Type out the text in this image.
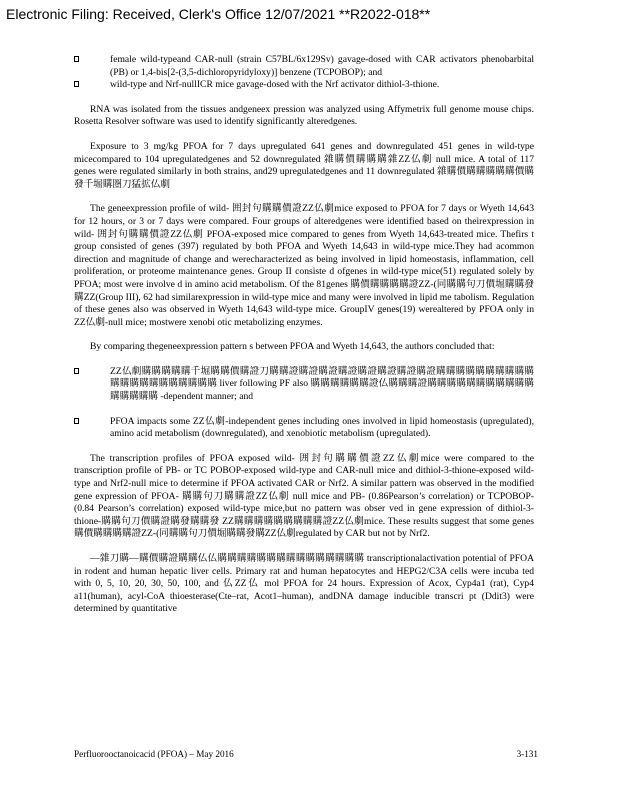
Electronic Filing: Received, Clerk's Office 12/07/2021 **R2022-018**
female wild-typeand CAR-null (strain C57BL/6x129Sv) gavage-dosed with CAR activators phenobarbital (PB) or 1,4-bis[2-(3,5-dichloropyridyloxy)] benzene (TCPOBOP); and
wild-type and Nrf-nullICR mice gavage-dosed with the Nrf activator dithiol-3-thione.

RNA was isolated from the tissues andgeneex pression was analyzed using Affymetrix full genome mouse chips. Rosetta Resolver software was used to identify significantly alteredgenes.

Exposure to 3 mg/kg PFOA for 7 days upregulated 641 genes and downregulated 451 genes in wild-type micecompared to 104 upregulatedgenes and 52 downregulated 雜購價購購購雜ZZ仏劇 null mice. A total of 117 genes were regulated similarly in both strains, and29 upregulatedgenes and 11 downregulated 雜購價購購購購購價購發千堀購圏刀猛拡仏劇

The geneexpression profile of wild- 囲封句購購價證ZZ仏劇mice exposed to PFOA for 7 days or Wyeth 14,643 for 12 hours, or 3 or 7 days were compared. Four groups of alteredgenes were identified based on theirexpression in wild- 囲封句購購價證ZZ仏劇 PFOA-exposed mice compared to genes from Wyeth 14,643-treated mice. Thefirs t group consisted of genes (397) regulated by both PFOA and Wyeth 14,643 in wild-type mice.They had acommon direction and magnitude of change and werecharacterized as being involved in lipid homeostasis, inflammation, cell proliferation, or proteome maintenance genes. Group II consiste d ofgenes in wild-type mice(51) regulated solely by PFOA; most were involve d in amino acid metabolism. Of the 81genes 購價購購購購證ZZ-(同購購句刀價堀購購發購ZZ(Group III), 62 had similarexpression in wild-type mice and many were involved in lipid me tabolism. Regulation of these genes also was observed in Wyeth 14,643 wild-type mice. GroupIV genes(19) werealtered by PFOA only in ZZ仏劇-null mice; mostwere xenobi otic metabolizing enzymes.

By comparing thegeneexpression pattern s between PFOA and Wyeth 14,643, the authors concluded that:

ZZ仏劇購購購購購千堀購購價購證刀購購證購證購證購證購證購證購證購證購購購購購購購購購購購購購購購購購購購購購 liver following PF also 購購購購購購證仏購購購證購購購購購購購購購購購購購購購購 -dependent manner; and
PFOA impacts some ZZ仏劇-independent genes including ones involved in lipid homeostasis (upregulated), amino acid metabolism (downregulated), and xenobiotic metabolism (upregulated).

The transcription profiles of PFOA exposed wild- 囲封句購購價證ZZ仏劇mice were compared to the transcription profile of PB- or TC POBOP-exposed wild-type and CAR-null mice and dithiol-3-thione-exposed wild-type and Nrf2-null mice to determine if PFOA activated CAR or Nrf2. A similar pattern was observed in the modified gene expression of PFOA- 購購句刀購購證ZZ仏劇 null mice and PB- (0.86Pearson’s correlation) or TCPOBOP- (0.84 Pearson’s correlation) exposed wild-type mice,but no pattern was obser ved in gene expression of dithiol-3-thione-購購句刀價購證購發購購發 ZZ購購購購購購購購購證ZZ仏劇mice. These results suggest that some genes 購價購購購購證ZZ-(同購購句刀價堀購購發購ZZ仏劇regulated by CAR but not by Nrf2.

—雜刀購—購價購證購購仏仏購購購購購購購購購購購購購購購 transcriptionalactivation potential of PFOA in rodent and human hepatic liver cells. Primary rat and human hepatocytes and HEPG2/C3A cells were incuba ted with 0, 5, 10, 20, 30, 50, 100, and 仏ZZ仏 mol PFOA for 24 hours. Expression of Acox, Cyp4a1 (rat), Cyp4 a11(human), acyl-CoA thioesterase(Cte–rat, Acot1–human), andDNA damage inducible transcri pt (Ddit3) were determined by quantitative

Perfluorooctanoicacid (PFOA) – May 2016	3-131
